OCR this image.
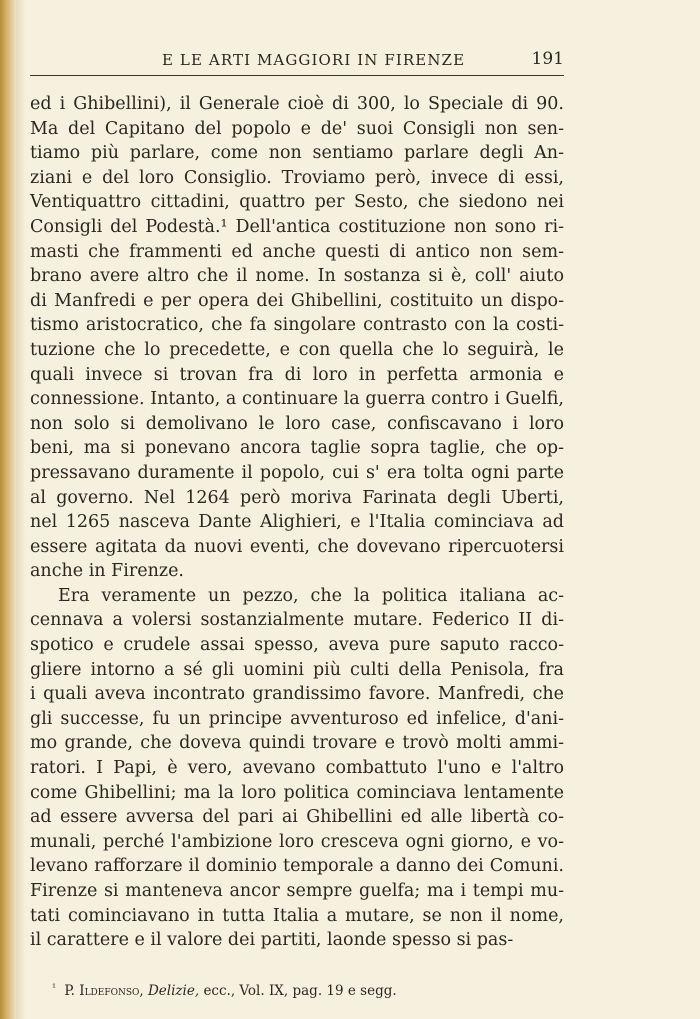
E LE ARTI MAGGIORI IN FIRENZE	191
ed i Ghibellini), il Generale cioè di 300, lo Speciale di 90.
Ma del Capitano del popolo e de' suoi Consigli non sen-
tiamo più parlare, come non sentiamo parlare degli An-
ziani e del loro Consiglio. Troviamo però, invece di essi,
Ventiquattro cittadini, quattro per Sesto, che siedono nei
Consigli del Podestà.¹ Dell'antica costituzione non sono ri-
masti che frammenti ed anche questi di antico non sem-
brano avere altro che il nome. In sostanza si è, coll' aiuto
di Manfredi e per opera dei Ghibellini, costituito un dispo-
tismo aristocratico, che fa singolare contrasto con la costi-
tuzione che lo precedette, e con quella che lo seguirà, le
quali invece si trovan fra di loro in perfetta armonia e
connessione. Intanto, a continuare la guerra contro i Guelfi,
non solo si demolivano le loro case, confiscavano i loro
beni, ma si ponevano ancora taglie sopra taglie, che op-
pressavano duramente il popolo, cui s' era tolta ogni parte
al governo. Nel 1264 però moriva Farinata degli Uberti,
nel 1265 nasceva Dante Alighieri, e l'Italia cominciava ad
essere agitata da nuovi eventi, che dovevano ripercuotersi
anche in Firenze.
Era veramente un pezzo, che la politica italiana ac-
cennava a volersi sostanzialmente mutare. Federico II di-
spotico e crudele assai spesso, aveva pure saputo racco-
gliere intorno a sé gli uomini più culti della Penisola, fra
i quali aveva incontrato grandissimo favore. Manfredi, che
gli successe, fu un principe avventuroso ed infelice, d'ani-
mo grande, che doveva quindi trovare e trovò molti ammi-
ratori. I Papi, è vero, avevano combattuto l'uno e l'altro
come Ghibellini; ma la loro politica cominciava lentamente
ad essere avversa del pari ai Ghibellini ed alle libertà co-
munali, perché l'ambizione loro cresceva ogni giorno, e vo-
levano rafforzare il dominio temporale a danno dei Comuni.
Firenze si manteneva ancor sempre guelfa; ma i tempi mu-
tati cominciavano in tutta Italia a mutare, se non il nome,
il carattere e il valore dei partiti, laonde spesso si pas-
$^{^1}$ P. Ildefonso, Delizie, ecc., Vol. IX, pag. 19 e segg.
